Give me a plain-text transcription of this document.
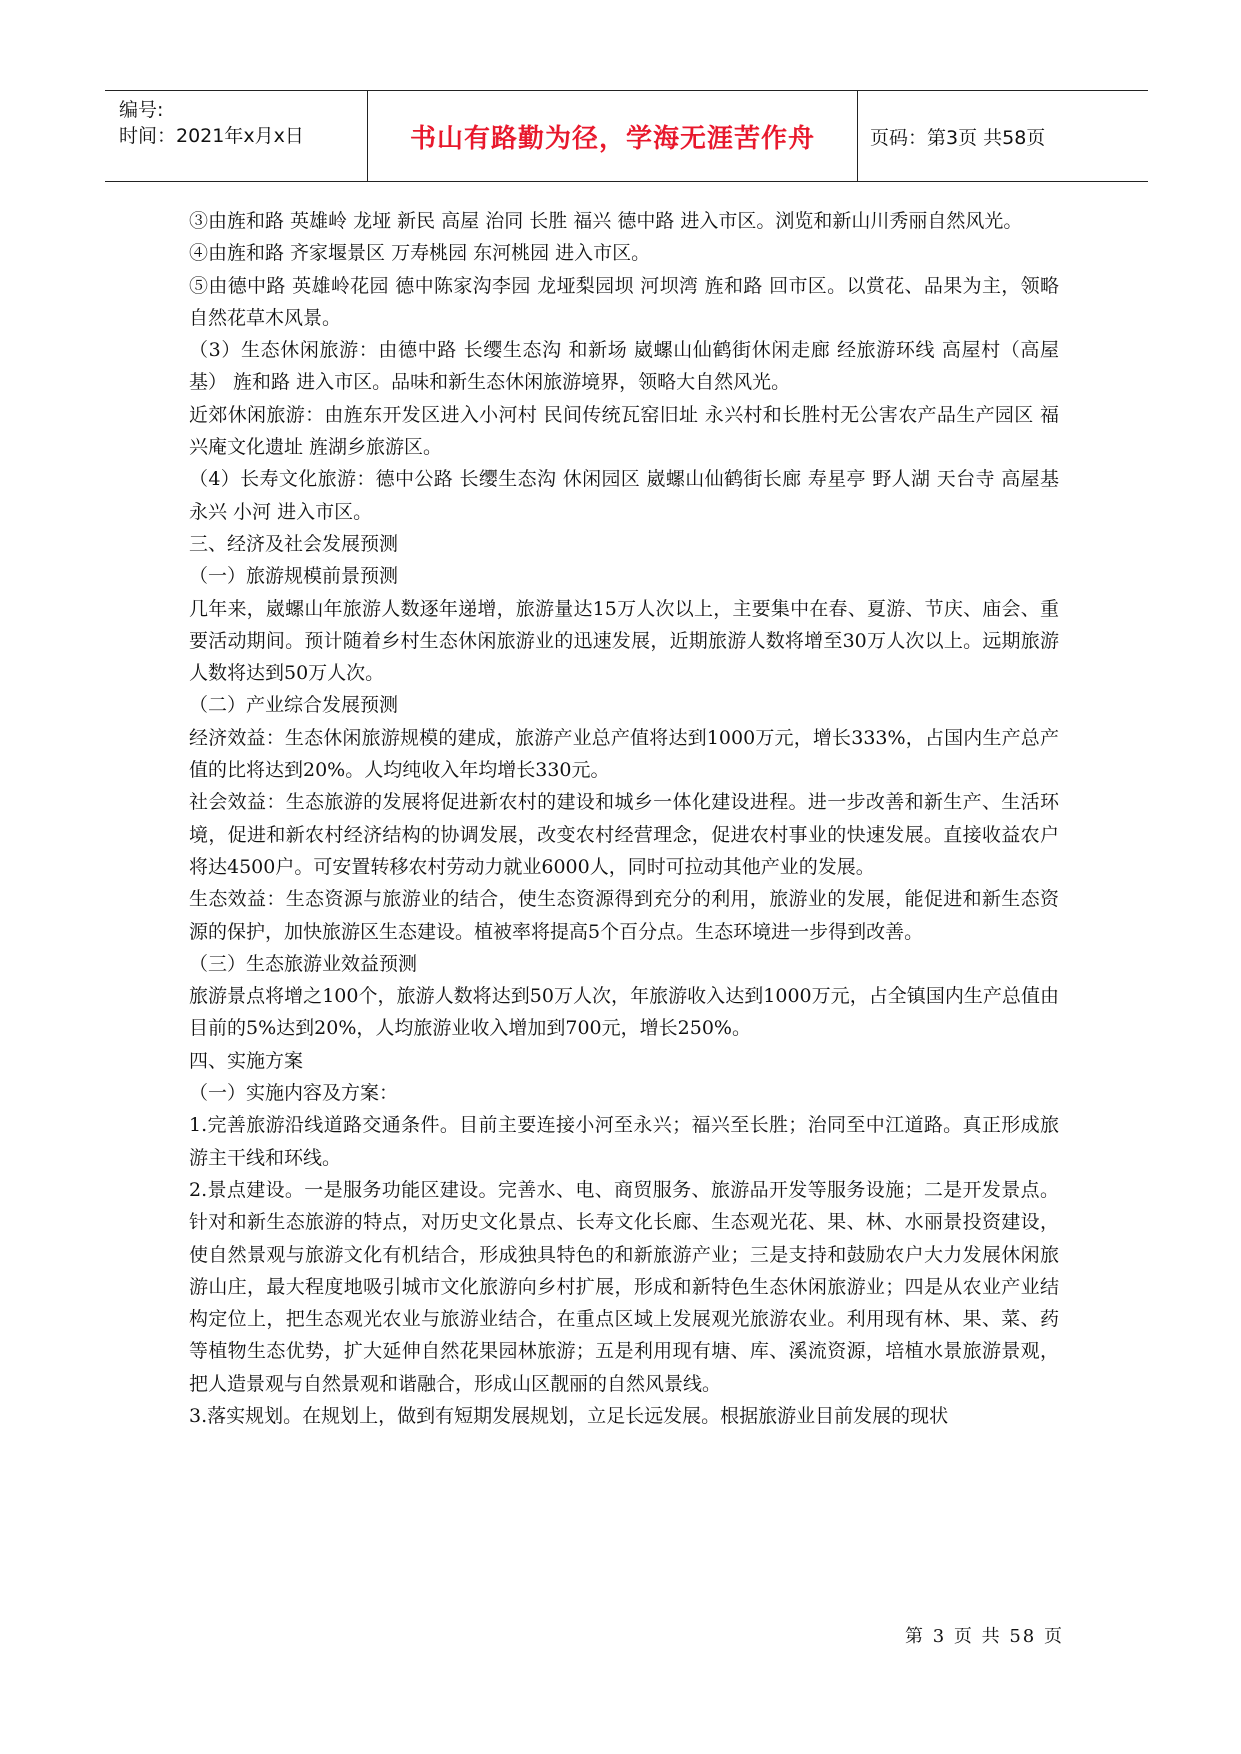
编号:
时间：2021年x月x日	书山有路勤为径，学海无涯苦作舟	页码：第3页 共58页

③由旌和路 英雄岭 龙垭 新民 高屋 治同 长胜 福兴 德中路 进入市区。浏览和新山川秀丽自然风光。

④由旌和路 齐家堰景区 万寿桃园 东河桃园 进入市区。

⑤由德中路 英雄岭花园 德中陈家沟李园 龙垭梨园坝 河坝湾 旌和路 回市区。以赏花、品果为主，领略自然花草木风景。

（3）生态休闲旅游：由德中路 长缨生态沟 和新场 崴螺山仙鹤街休闲走廊 经旅游环线 高屋村（高屋基） 旌和路 进入市区。品味和新生态休闲旅游境界，领略大自然风光。

近郊休闲旅游：由旌东开发区进入小河村 民间传统瓦窑旧址 永兴村和长胜村无公害农产品生产园区 福兴庵文化遗址 旌湖乡旅游区。

（4）长寿文化旅游：德中公路 长缨生态沟 休闲园区 崴螺山仙鹤街长廊 寿星亭 野人湖 天台寺 高屋基 永兴 小河 进入市区。

三、经济及社会发展预测

（一）旅游规模前景预测

几年来，崴螺山年旅游人数逐年递增，旅游量达15万人次以上，主要集中在春、夏游、节庆、庙会、重要活动期间。预计随着乡村生态休闲旅游业的迅速发展，近期旅游人数将增至30万人次以上。远期旅游人数将达到50万人次。

（二）产业综合发展预测

经济效益：生态休闲旅游规模的建成，旅游产业总产值将达到1000万元，增长333%，占国内生产总产值的比将达到20%。人均纯收入年均增长330元。

社会效益：生态旅游的发展将促进新农村的建设和城乡一体化建设进程。进一步改善和新生产、生活环境，促进和新农村经济结构的协调发展，改变农村经营理念，促进农村事业的快速发展。直接收益农户将达4500户。可安置转移农村劳动力就业6000人，同时可拉动其他产业的发展。

生态效益：生态资源与旅游业的结合，使生态资源得到充分的利用，旅游业的发展，能促进和新生态资源的保护，加快旅游区生态建设。植被率将提高5个百分点。生态环境进一步得到改善。

（三）生态旅游业效益预测

旅游景点将增之100个，旅游人数将达到50万人次，年旅游收入达到1000万元，占全镇国内生产总值由目前的5%达到20%，人均旅游业收入增加到700元，增长250%。

四、实施方案

（一）实施内容及方案：

1.完善旅游沿线道路交通条件。目前主要连接小河至永兴；福兴至长胜；治同至中江道路。真正形成旅游主干线和环线。

2.景点建设。一是服务功能区建设。完善水、电、商贸服务、旅游品开发等服务设施；二是开发景点。针对和新生态旅游的特点，对历史文化景点、长寿文化长廊、生态观光花、果、林、水丽景投资建设，使自然景观与旅游文化有机结合，形成独具特色的和新旅游产业；三是支持和鼓励农户大力发展休闲旅游山庄，最大程度地吸引城市文化旅游向乡村扩展，形成和新特色生态休闲旅游业；四是从农业产业结构定位上，把生态观光农业与旅游业结合，在重点区域上发展观光旅游农业。利用现有林、果、菜、药等植物生态优势，扩大延伸自然花果园林旅游；五是利用现有塘、库、溪流资源，培植水景旅游景观，把人造景观与自然景观和谐融合，形成山区靓丽的自然风景线。

3.落实规划。在规划上，做到有短期发展规划，立足长远发展。根据旅游业目前发展的现状

第 3 页 共 58 页
